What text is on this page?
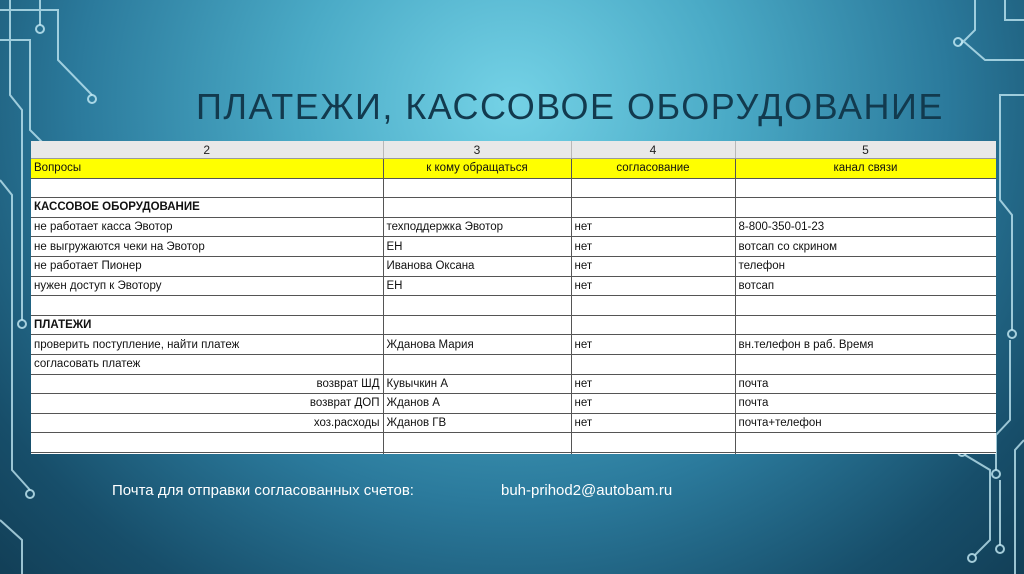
ПЛАТЕЖИ, КАССОВОЕ ОБОРУДОВАНИЕ
2	3	4	5
Вопросы	к кому обращаться	согласование	канал связи

КАССОВОЕ ОБОРУДОВАНИЕ			
не работает касса Эвотор	техподдержка Эвотор	нет	8-800-350-01-23
не выгружаются чеки на Эвотор	ЕН	нет	вотсап со скрином
не работает Пионер	Иванова Оксана	нет	телефон
нужен доступ к Эвотору	ЕН	нет	вотсап

ПЛАТЕЖИ			
проверить поступление, найти платеж	Жданова Мария	нет	вн.телефон в раб. Время
согласовать платеж			
возврат ШД	Кувычкин А	нет	почта
возврат ДОП	Жданов А	нет	почта
хоз.расходы	Жданов ГВ	нет	почта+телефон

Почта для отправки согласованных счетов:	buh-prihod2@autobam.ru
